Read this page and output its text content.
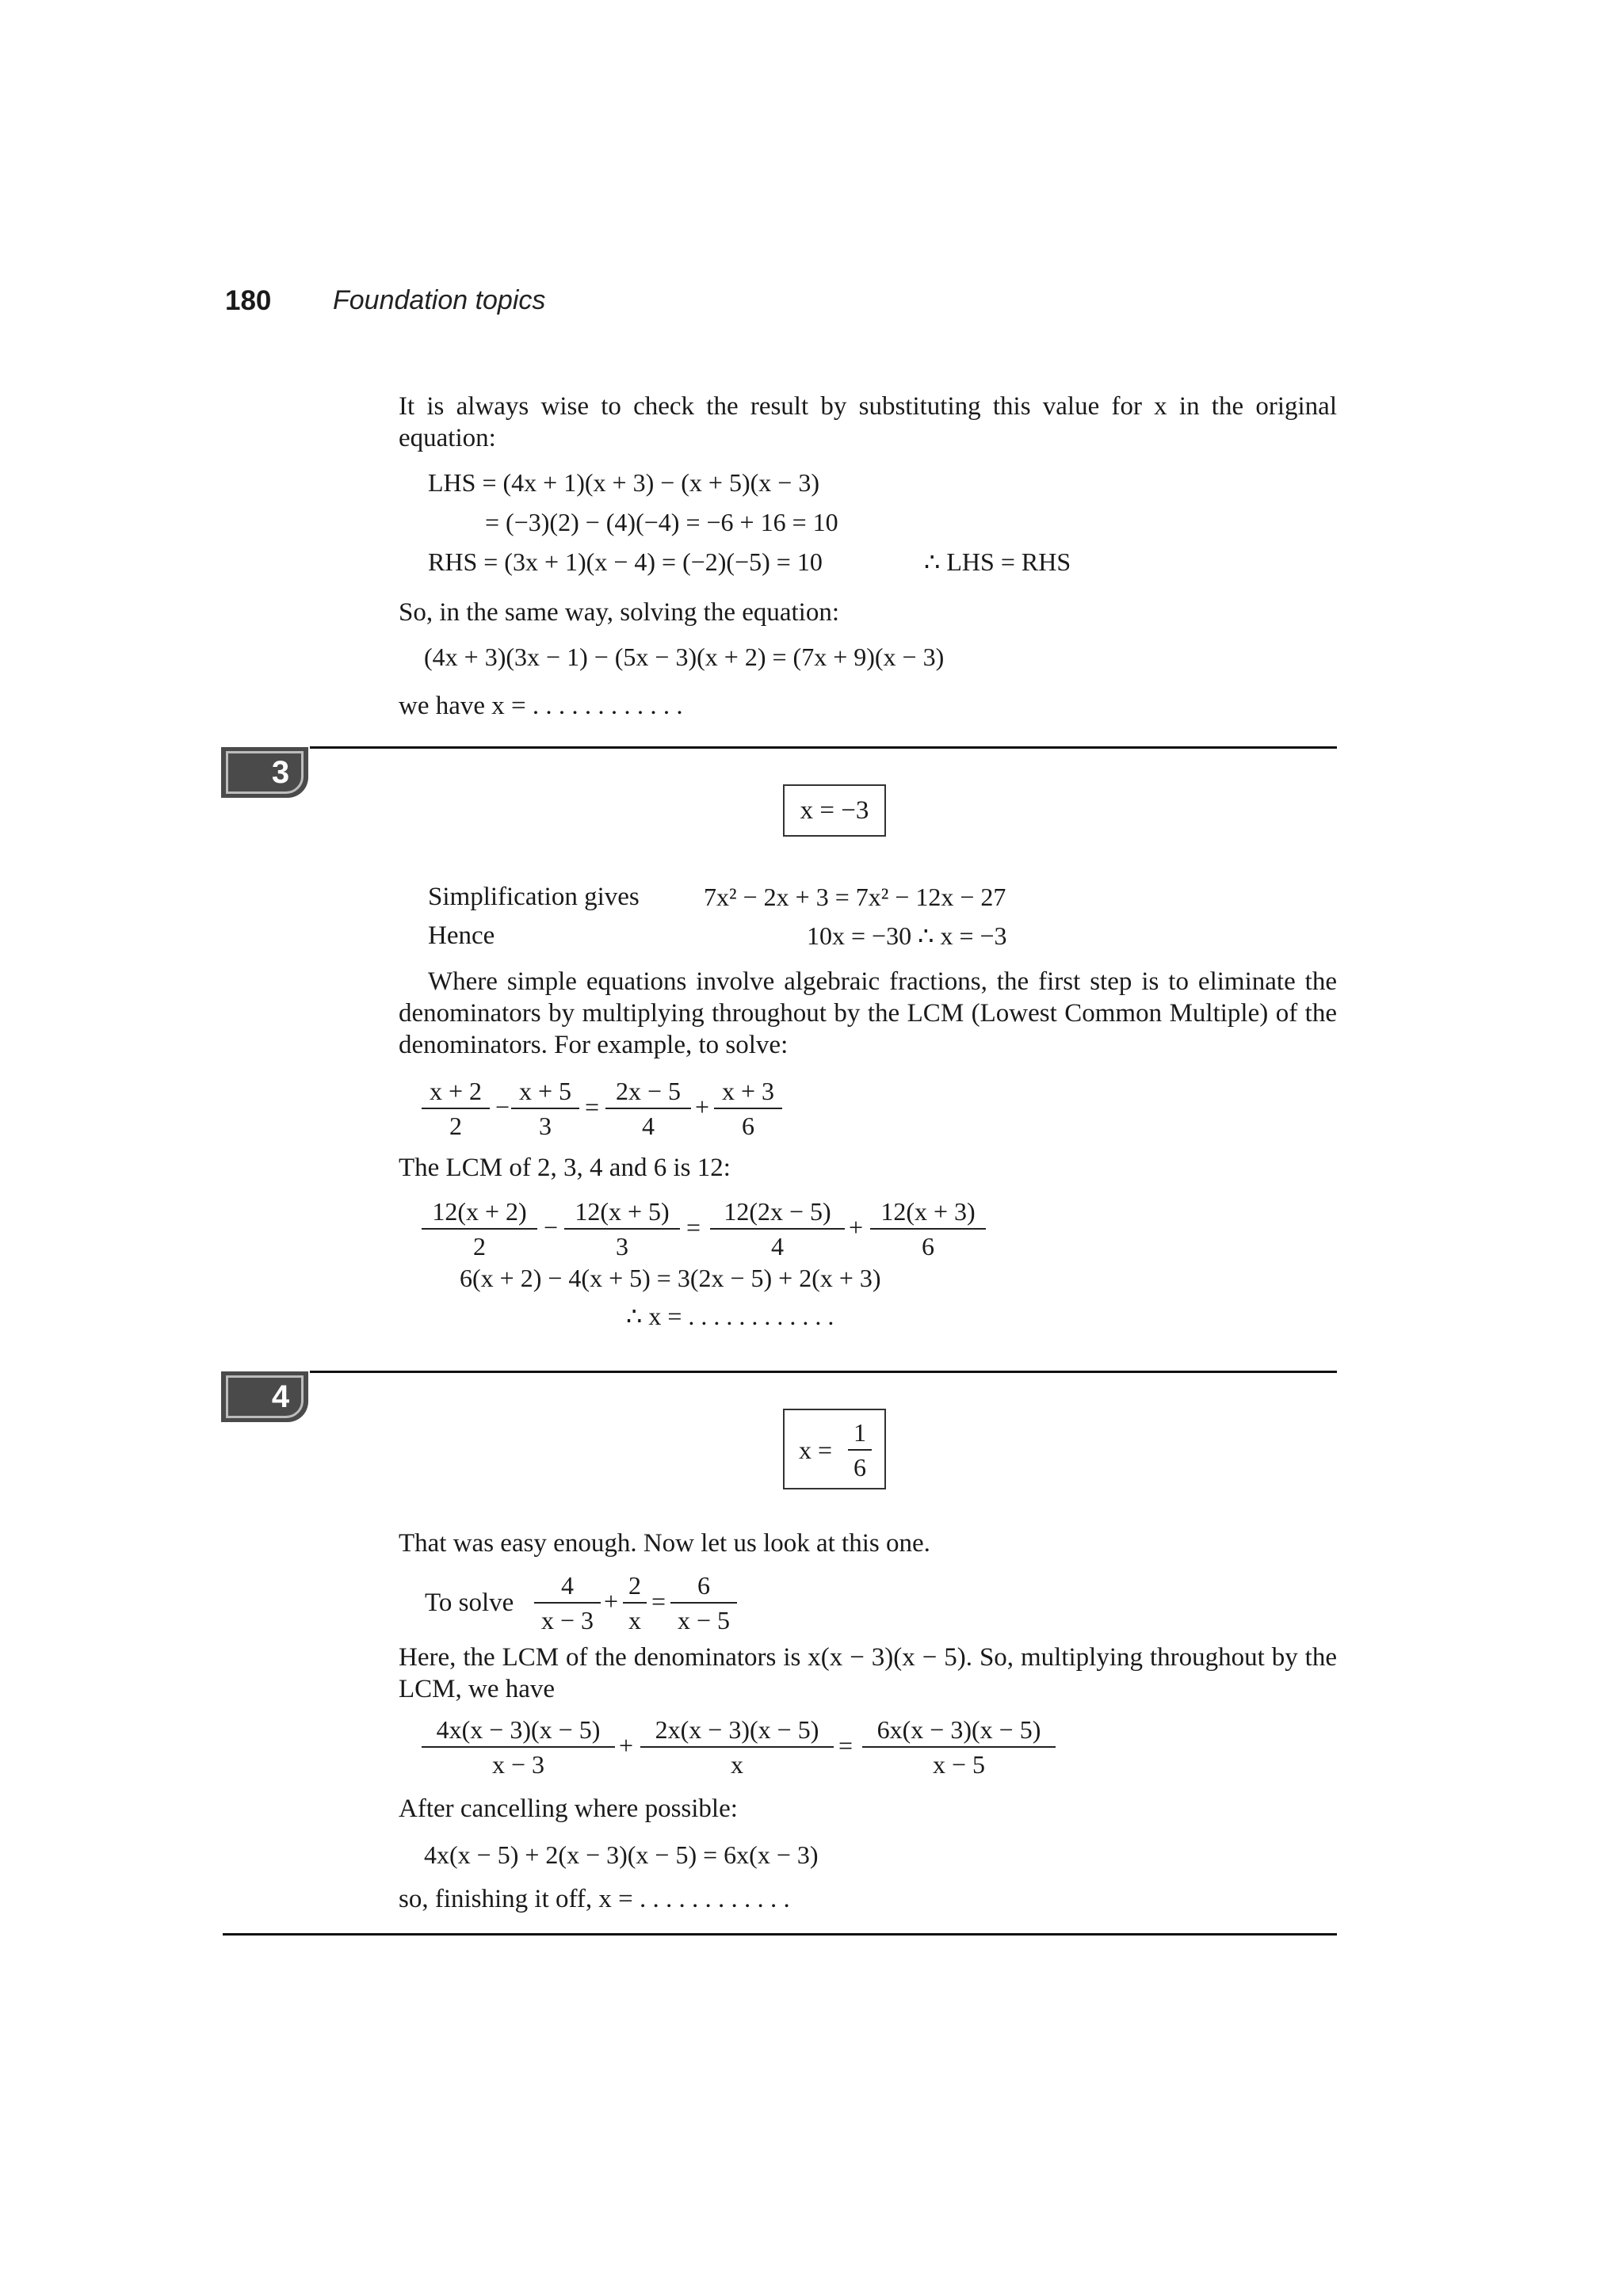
180 Foundation topics
It is always wise to check the result by substituting this value for x in the original equation:
LHS = (4x + 1)(x + 3) − (x + 5)(x − 3)
= (−3)(2) − (4)(−4) = −6 + 16 = 10
RHS = (3x + 1)(x − 4) = (−2)(−5) = 10	∴ LHS = RHS
So, in the same way, solving the equation:
(4x + 3)(3x − 1) − (5x − 3)(x + 2) = (7x + 9)(x − 3)
we have x = . . . . . . . . . . . .
3
x = −3
Simplification gives	7x² − 2x + 3 = 7x² − 12x − 27
Hence	10x = −30 ∴ x = −3
Where simple equations involve algebraic fractions, the first step is to eliminate the denominators by multiplying throughout by the LCM (Lowest Common Multiple) of the denominators. For example, to solve:
$\frac{x + 2}{2} - \frac{x + 5}{3} = \frac{2x - 5}{4} + \frac{x + 3}{6}$
The LCM of 2, 3, 4 and 6 is 12:
$\frac{12(x + 2)}{2} - \frac{12(x + 5)}{3} = \frac{12(2x - 5)}{4} + \frac{12(x + 3)}{6}$
6(x + 2) − 4(x + 5) = 3(2x − 5) + 2(x + 3)
∴ x = . . . . . . . . . . . .
4
$x = \frac{1}{6}$
That was easy enough. Now let us look at this one.
To solve $\frac{4}{x - 3} + \frac{2}{x} = \frac{6}{x - 5}$
Here, the LCM of the denominators is x(x − 3)(x − 5). So, multiplying throughout by the LCM, we have
$\frac{4x(x - 3)(x - 5)}{x - 3} + \frac{2x(x - 3)(x - 5)}{x} = \frac{6x(x - 3)(x - 5)}{x - 5}$
After cancelling where possible:
4x(x − 5) + 2(x − 3)(x − 5) = 6x(x − 3)
so, finishing it off, x = . . . . . . . . . . . .
